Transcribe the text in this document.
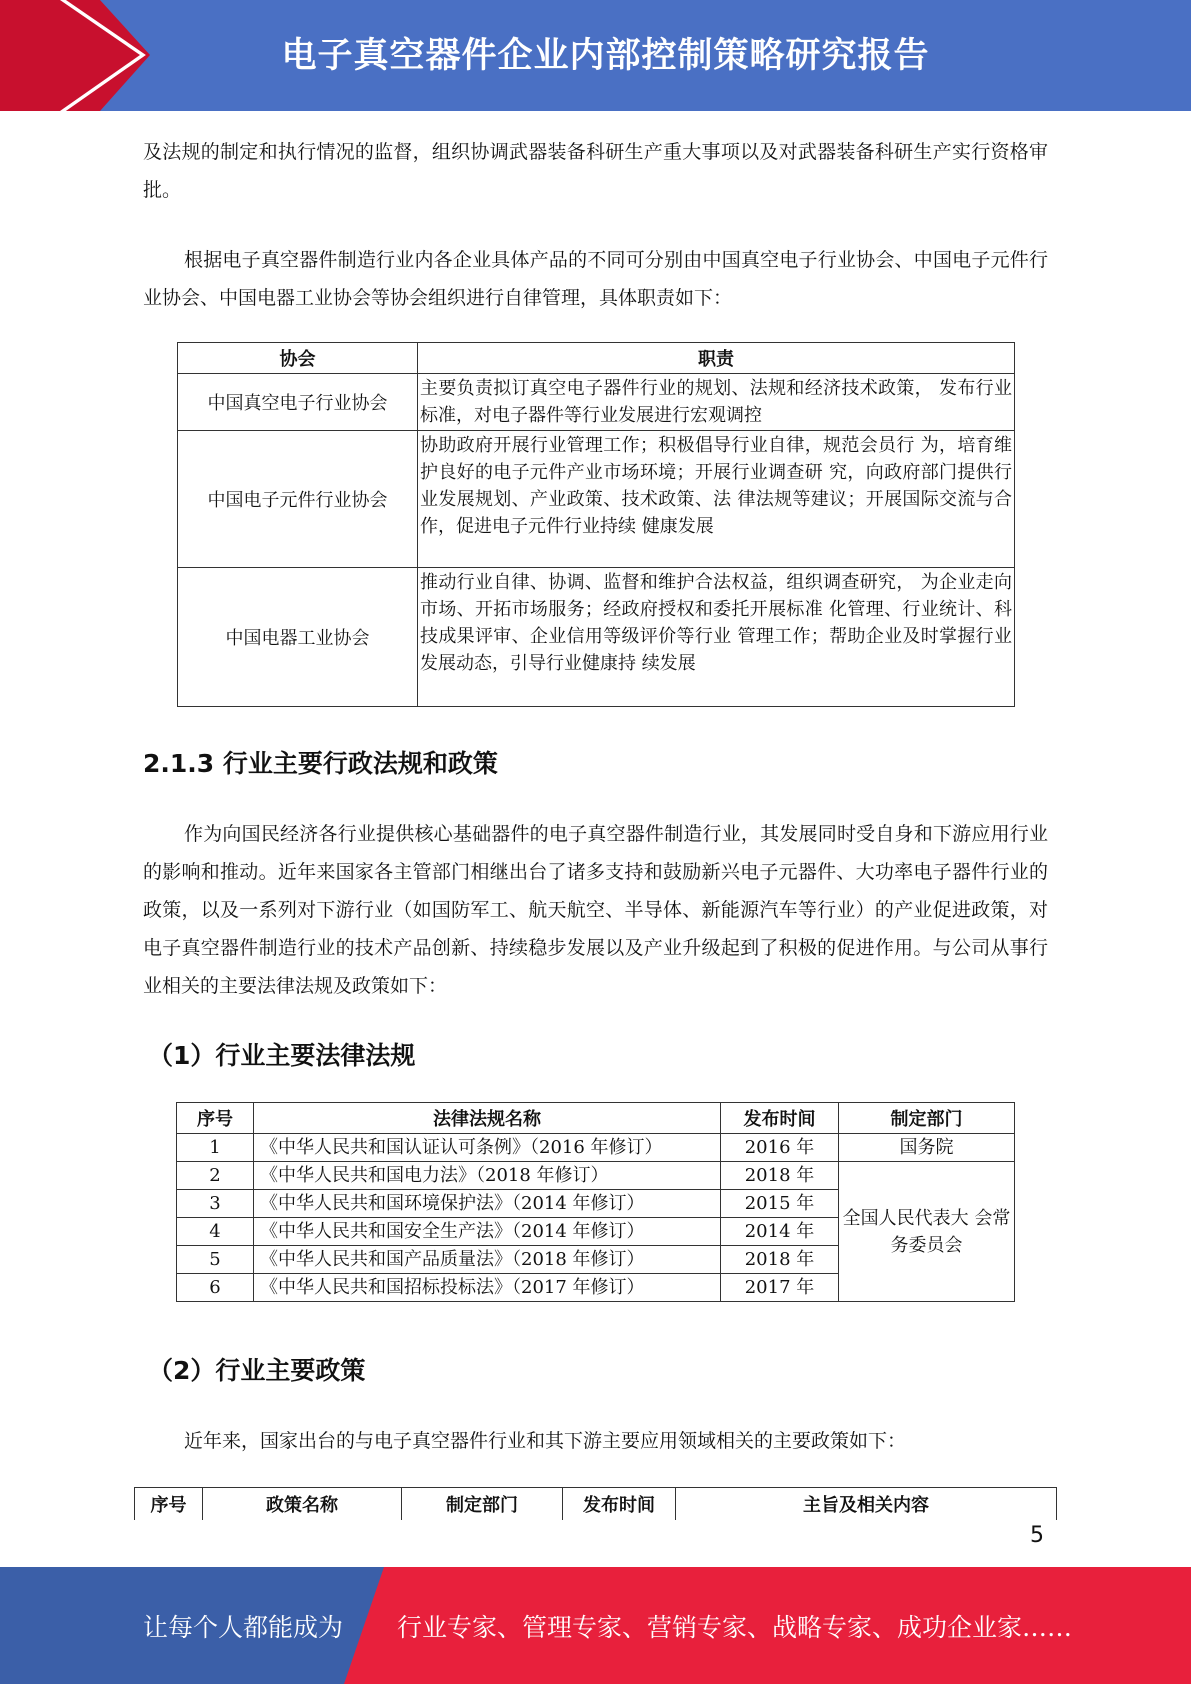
电子真空器件企业内部控制策略研究报告
及法规的制定和执行情况的监督，组织协调武器装备科研生产重大事项以及对武器装备科研生产实行资格审批。
根据电子真空器件制造行业内各企业具体产品的不同可分别由中国真空电子行业协会、中国电子元件行业协会、中国电器工业协会等协会组织进行自律管理，具体职责如下：
协会	职责
中国真空电子行业协会	主要负责拟订真空电子器件行业的规划、法规和经济技术政策， 发布行业标准，对电子器件等行业发展进行宏观调控
中国电子元件行业协会	协助政府开展行业管理工作；积极倡导行业自律，规范会员行 为，培育维护良好的电子元件产业市场环境；开展行业调查研 究，向政府部门提供行业发展规划、产业政策、技术政策、法 律法规等建议；开展国际交流与合作，促进电子元件行业持续 健康发展
中国电器工业协会	推动行业自律、协调、监督和维护合法权益，组织调查研究， 为企业走向市场、开拓市场服务；经政府授权和委托开展标准 化管理、行业统计、科技成果评审、企业信用等级评价等行业 管理工作；帮助企业及时掌握行业发展动态，引导行业健康持 续发展
2.1.3 行业主要行政法规和政策
作为向国民经济各行业提供核心基础器件的电子真空器件制造行业，其发展同时受自身和下游应用行业的影响和推动。近年来国家各主管部门相继出台了诸多支持和鼓励新兴电子元器件、大功率电子器件行业的政策，以及一系列对下游行业（如国防军工、航天航空、半导体、新能源汽车等行业）的产业促进政策，对电子真空器件制造行业的技术产品创新、持续稳步发展以及产业升级起到了积极的促进作用。与公司从事行业相关的主要法律法规及政策如下：
（1）行业主要法律法规
序号	法律法规名称	发布时间	制定部门
1	《中华人民共和国认证认可条例》（2016 年修订）	2016 年	国务院
2	《中华人民共和国电力法》（2018 年修订）	2018 年	全国人民代表大 会常务委员会
3	《中华人民共和国环境保护法》（2014 年修订）	2015 年	
4	《中华人民共和国安全生产法》（2014 年修订）	2014 年	
5	《中华人民共和国产品质量法》（2018 年修订）	2018 年	
6	《中华人民共和国招标投标法》（2017 年修订）	2017 年	
（2）行业主要政策
近年来，国家出台的与电子真空器件行业和其下游主要应用领域相关的主要政策如下：
序号	政策名称	制定部门	发布时间	主旨及相关内容
5
让每个人都能成为 行业专家、管理专家、营销专家、战略专家、成功企业家……
